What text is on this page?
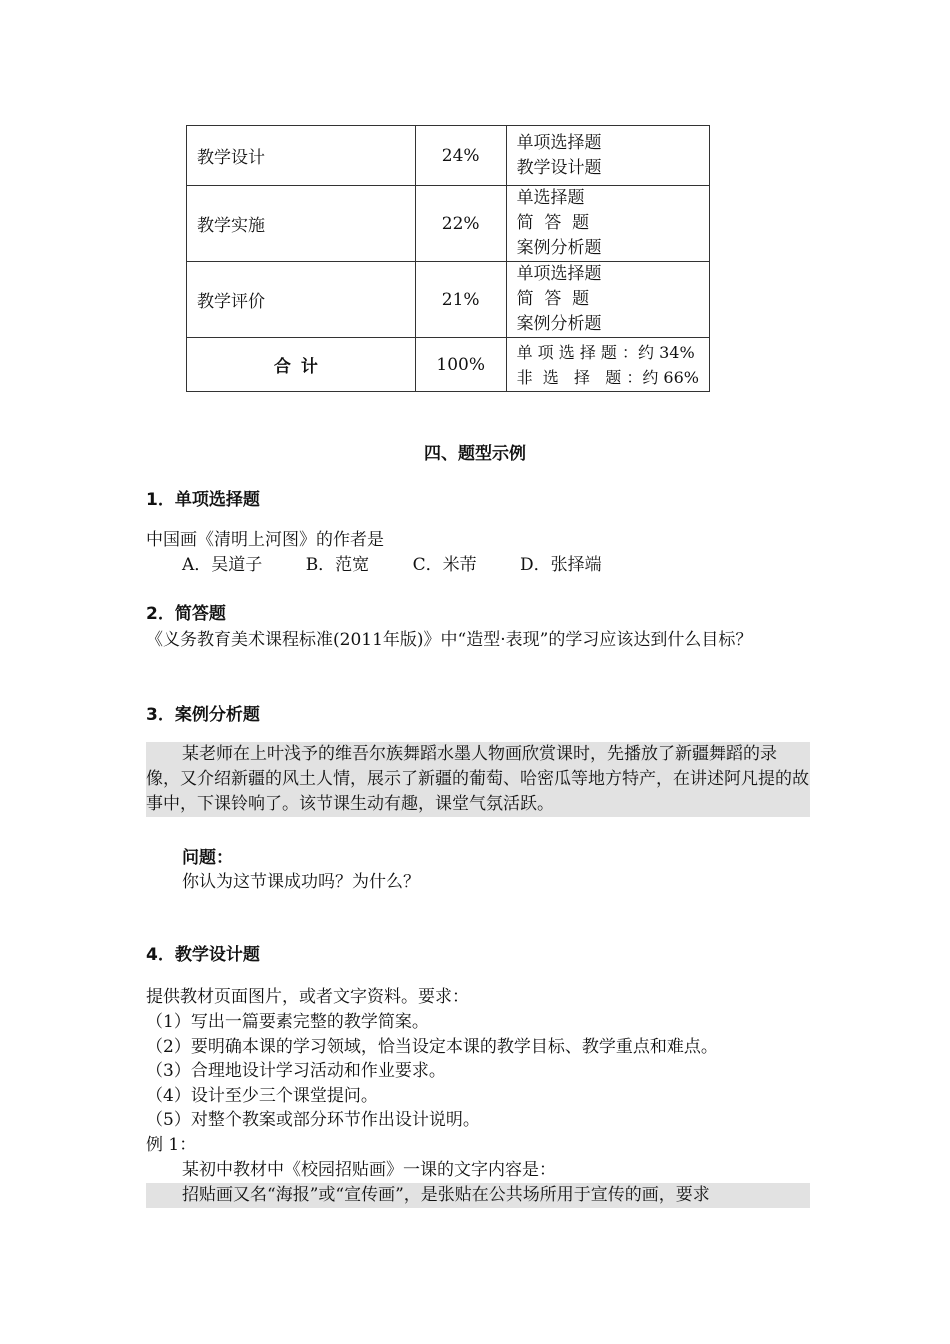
教学设计	24%	单项选择题
教学设计题

教学实施	22%	单选择题
简  答  题
案例分析题

教学评价	21%	单项选择题
简  答  题
案例分析题

合计	100%	单 项 选 择 题 ：约 34%
非  选   择   题 ：约 66%
四、题型示例
1．单项选择题
中国画《清明上河图》的作者是
A．吴道子	B．范宽	C．米芾	D．张择端
2．简答题
《义务教育美术课程标准(2011年版)》中“造型·表现”的学习应该达到什么目标？
3．案例分析题
某老师在上叶浅予的维吾尔族舞蹈水墨人物画欣赏课时，先播放了新疆舞蹈的录像，又介绍新疆的风土人情，展示了新疆的葡萄、哈密瓜等地方特产，在讲述阿凡提的故事中，下课铃响了。该节课生动有趣，课堂气氛活跃。
问题：
你认为这节课成功吗？为什么？
4．教学设计题
提供教材页面图片，或者文字资料。要求：
（1）写出一篇要素完整的教学简案。
（2）要明确本课的学习领域，恰当设定本课的教学目标、教学重点和难点。
（3）合理地设计学习活动和作业要求。
（4）设计至少三个课堂提问。
（5）对整个教案或部分环节作出设计说明。
例 1：
某初中教材中《校园招贴画》一课的文字内容是：
招贴画又名“海报”或“宣传画”，是张贴在公共场所用于宣传的画，要求
